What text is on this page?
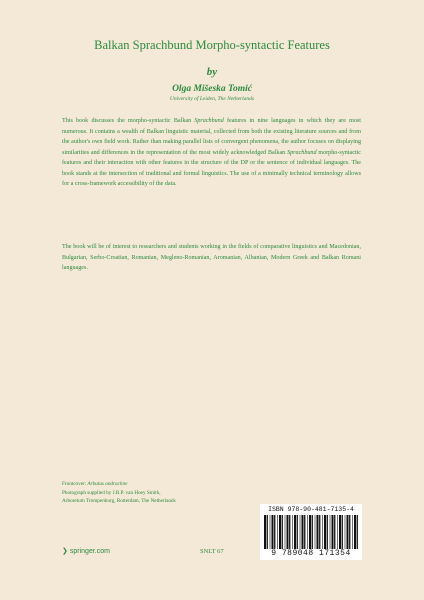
Balkan Sprachbund Morpho-syntactic Features
by
Olga Mišeska Tomić
University of Leiden, The Netherlands
This book discusses the morpho-syntactic Balkan Sprachbund features in nine languages in which they are most numerous. It contains a wealth of Balkan linguistic material, collected from both the existing literature sources and from the author's own field work. Rather than making parallel lists of convergent phenomena, the author focuses on displaying similarities and differences in the representation of the most widely acknowledged Balkan Sprachbund morpho-syntactic features and their interaction with other features in the structure of the DP or the sentence of individual languages. The book stands at the intersection of traditional and formal linguistics. The use of a minimally technical terminology allows for a cross-framework accessibility of the data.
The book will be of interest to researchers and students working in the fields of comparative linguistics and Macedonian, Bulgarian, Serbo-Croatian, Romanian, Megleno-Romanian, Aromanian, Albanian, Modern Greek and Balkan Romani languages.
Frontcover: Arbutus andrachne
Photograph supplied by J.R.P. van Hoey Smith,
Arboretum Trompenburg, Rotterdam, The Netherlands
ISBN 978-90-481-7135-4
9 789048 171354
❯ springer.com	SNLT 67
